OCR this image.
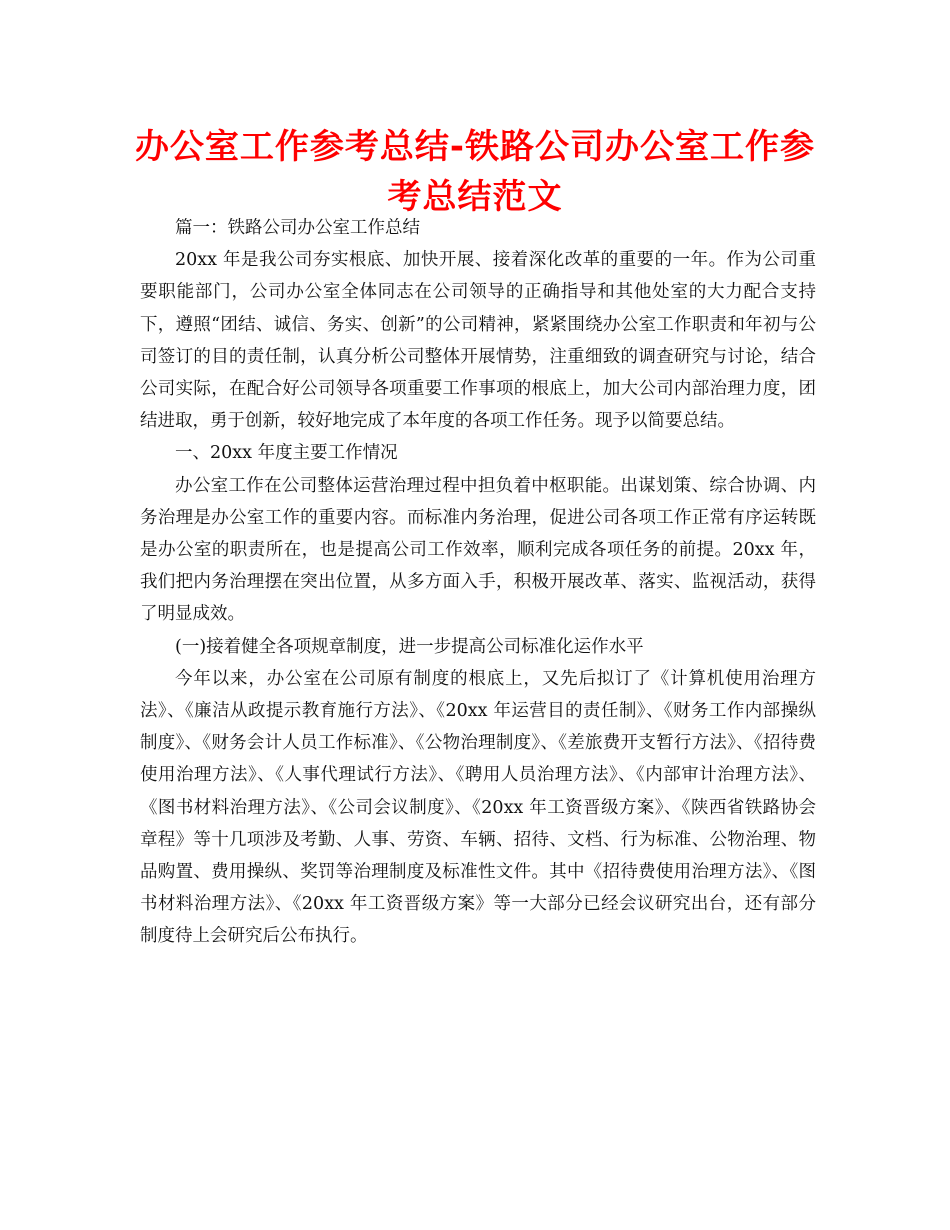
办公室工作参考总结-铁路公司办公室工作参考总结范文

篇一：铁路公司办公室工作总结

20xx 年是我公司夯实根底、加快开展、接着深化改革的重要的一年。作为公司重要职能部门，公司办公室全体同志在公司领导的正确指导和其他处室的大力配合支持下，遵照“团结、诚信、务实、创新”的公司精神，紧紧围绕办公室工作职责和年初与公司签订的目的责任制，认真分析公司整体开展情势，注重细致的调查研究与讨论，结合公司实际，在配合好公司领导各项重要工作事项的根底上，加大公司内部治理力度，团结进取，勇于创新，较好地完成了本年度的各项工作任务。现予以简要总结。

一、20xx 年度主要工作情况

办公室工作在公司整体运营治理过程中担负着中枢职能。出谋划策、综合协调、内务治理是办公室工作的重要内容。而标准内务治理，促进公司各项工作正常有序运转既是办公室的职责所在，也是提高公司工作效率，顺利完成各项任务的前提。20xx 年，我们把内务治理摆在突出位置，从多方面入手，积极开展改革、落实、监视活动，获得了明显成效。

(一)接着健全各项规章制度，进一步提高公司标准化运作水平

今年以来，办公室在公司原有制度的根底上，又先后拟订了《计算机使用治理方法》、《廉洁从政提示教育施行方法》、《20xx 年运营目的责任制》、《财务工作内部操纵制度》、《财务会计人员工作标准》、《公物治理制度》、《差旅费开支暂行方法》、《招待费使用治理方法》、《人事代理试行方法》、《聘用人员治理方法》、《内部审计治理方法》、《图书材料治理方法》、《公司会议制度》、《20xx 年工资晋级方案》、《陕西省铁路协会章程》等十几项涉及考勤、人事、劳资、车辆、招待、文档、行为标准、公物治理、物品购置、费用操纵、奖罚等治理制度及标准性文件。其中《招待费使用治理方法》、《图书材料治理方法》、《20xx 年工资晋级方案》等一大部分已经会议研究出台，还有部分制度待上会研究后公布执行。
